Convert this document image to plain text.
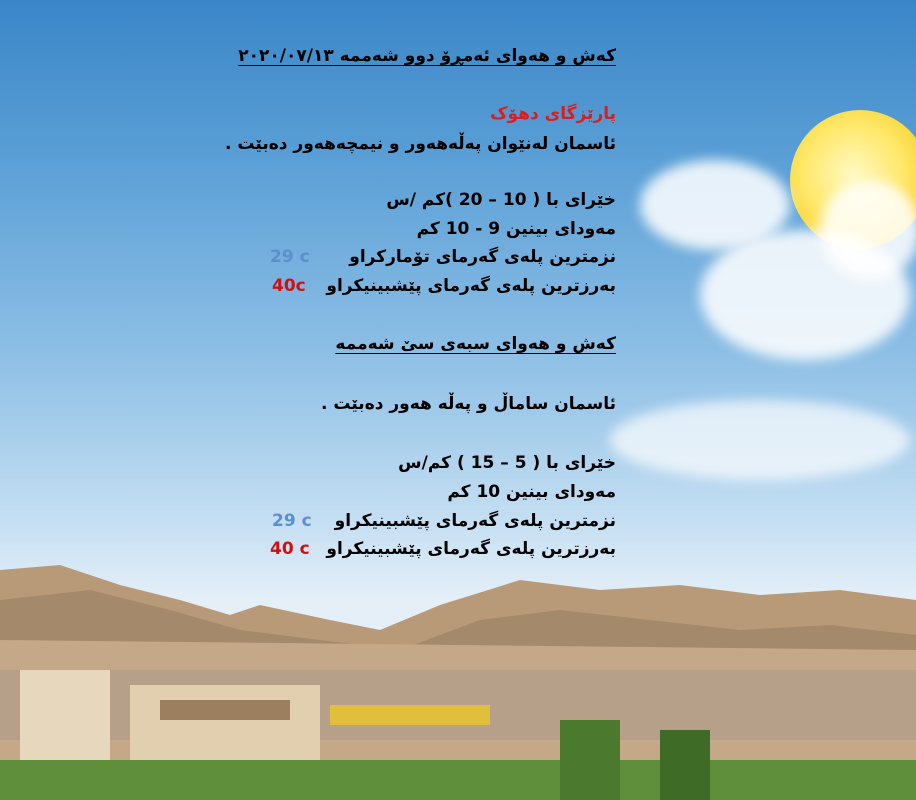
کەش و هەوای ئەمڕۆ دوو شەممە ٢٠٢٠/٠٧/١٣
پارێزگای دهۆک
ئاسمان لەنێوان پەڵەهەور و نیمچەهەور دەبێت .
خێرای با ( 10 – 20 )کم /س
مەودای بینین 9 - 10 کم
نزمترین پلەی گەرمای تۆمارکراو
بەرزترین پلەی گەرمای پێشبینیکراو
کەش و هەوای سبەی سێ شەممە
ئاسمان ساماڵ و پەڵە هەور دەبێت .
خێرای با ( 5 – 15 ) کم/س
مەودای بینین 10 کم
نزمترین پلەی گەرمای پێشبینیکراو
بەرزترین پلەی گەرمای پێشبینیکراو
29 c
40c
29 c
40 c
